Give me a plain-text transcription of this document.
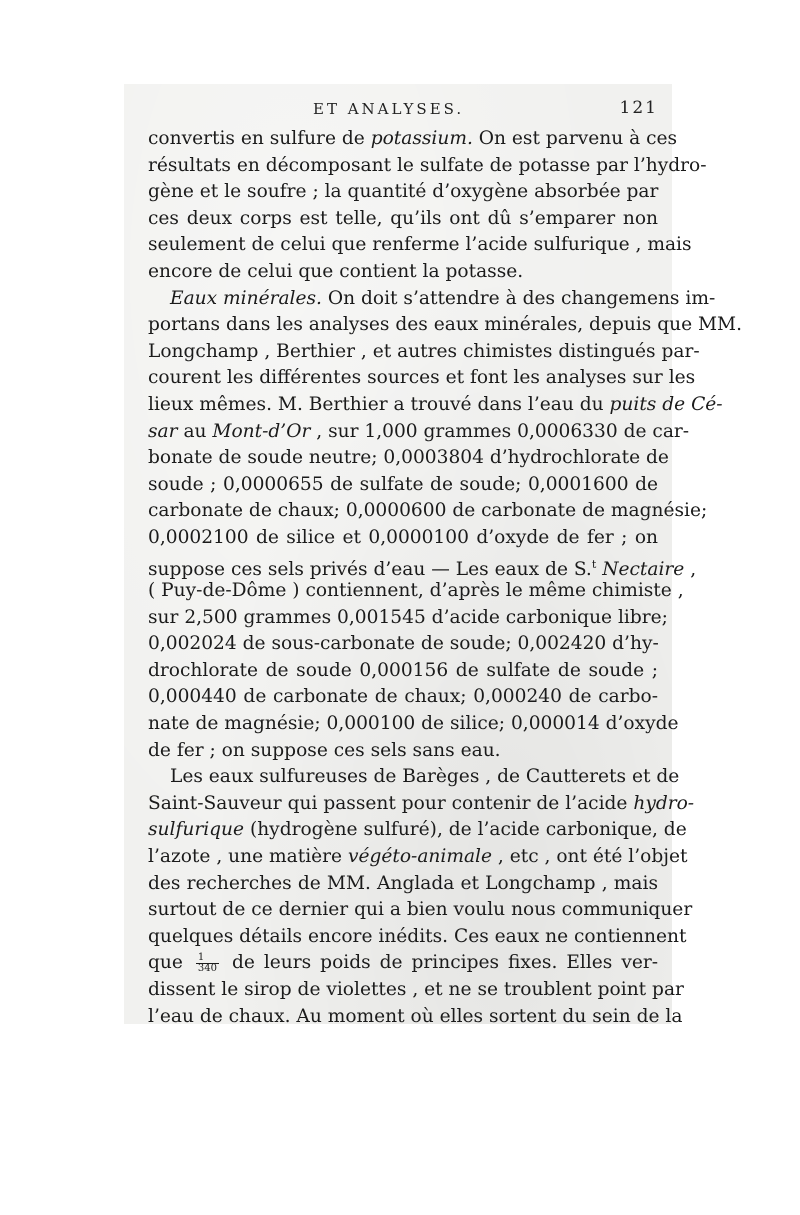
ET ANALYSES.	121
convertis en sulfure de potassium. On est parvenu à ces
résultats en décomposant le sulfate de potasse par l’hydro-
gène et le soufre ; la quantité d’oxygène absorbée par
ces deux corps est telle, qu’ils ont dû s’emparer non
seulement de celui que renferme l’acide sulfurique , mais
encore de celui que contient la potasse.
Eaux minérales. On doit s’attendre à des changemens im-
portans dans les analyses des eaux minérales, depuis que MM.
Longchamp , Berthier , et autres chimistes distingués par-
courent les différentes sources et font les analyses sur les
lieux mêmes. M. Berthier a trouvé dans l’eau du puits de Cé-
sar au Mont-d’Or , sur 1,000 grammes 0,0006330 de car-
bonate de soude neutre; 0,0003804 d’hydrochlorate de
soude ; 0,0000655 de sulfate de soude; 0,0001600 de
carbonate de chaux; 0,0000600 de carbonate de magnésie;
0,0002100 de silice et 0,0000100 d’oxyde de fer ; on
suppose ces sels privés d’eau — Les eaux de S.$^t$ Nectaire ,
( Puy-de-Dôme ) contiennent, d’après le même chimiste ,
sur 2,500 grammes 0,001545 d’acide carbonique libre;
0,002024 de sous-carbonate de soude; 0,002420 d’hy-
drochlorate de soude 0,000156 de sulfate de soude ;
0,000440 de carbonate de chaux; 0,000240 de carbo-
nate de magnésie; 0,000100 de silice; 0,000014 d’oxyde
de fer ; on suppose ces sels sans eau.
Les eaux sulfureuses de Barèges , de Cautterets et de
Saint-Sauveur qui passent pour contenir de l’acide hydro-
sulfurique (hydrogène sulfuré), de l’acide carbonique, de
l’azote , une matière végéto-animale , etc , ont été l’objet
des recherches de MM. Anglada et Longchamp , mais
surtout de ce dernier qui a bien voulu nous communiquer
quelques détails encore inédits. Ces eaux ne contiennent
que $\frac{1}{340}$ de leurs poids de principes fixes. Elles ver-
dissent le sirop de violettes , et ne se troublent point par
l’eau de chaux. Au moment où elles sortent du sein de la
